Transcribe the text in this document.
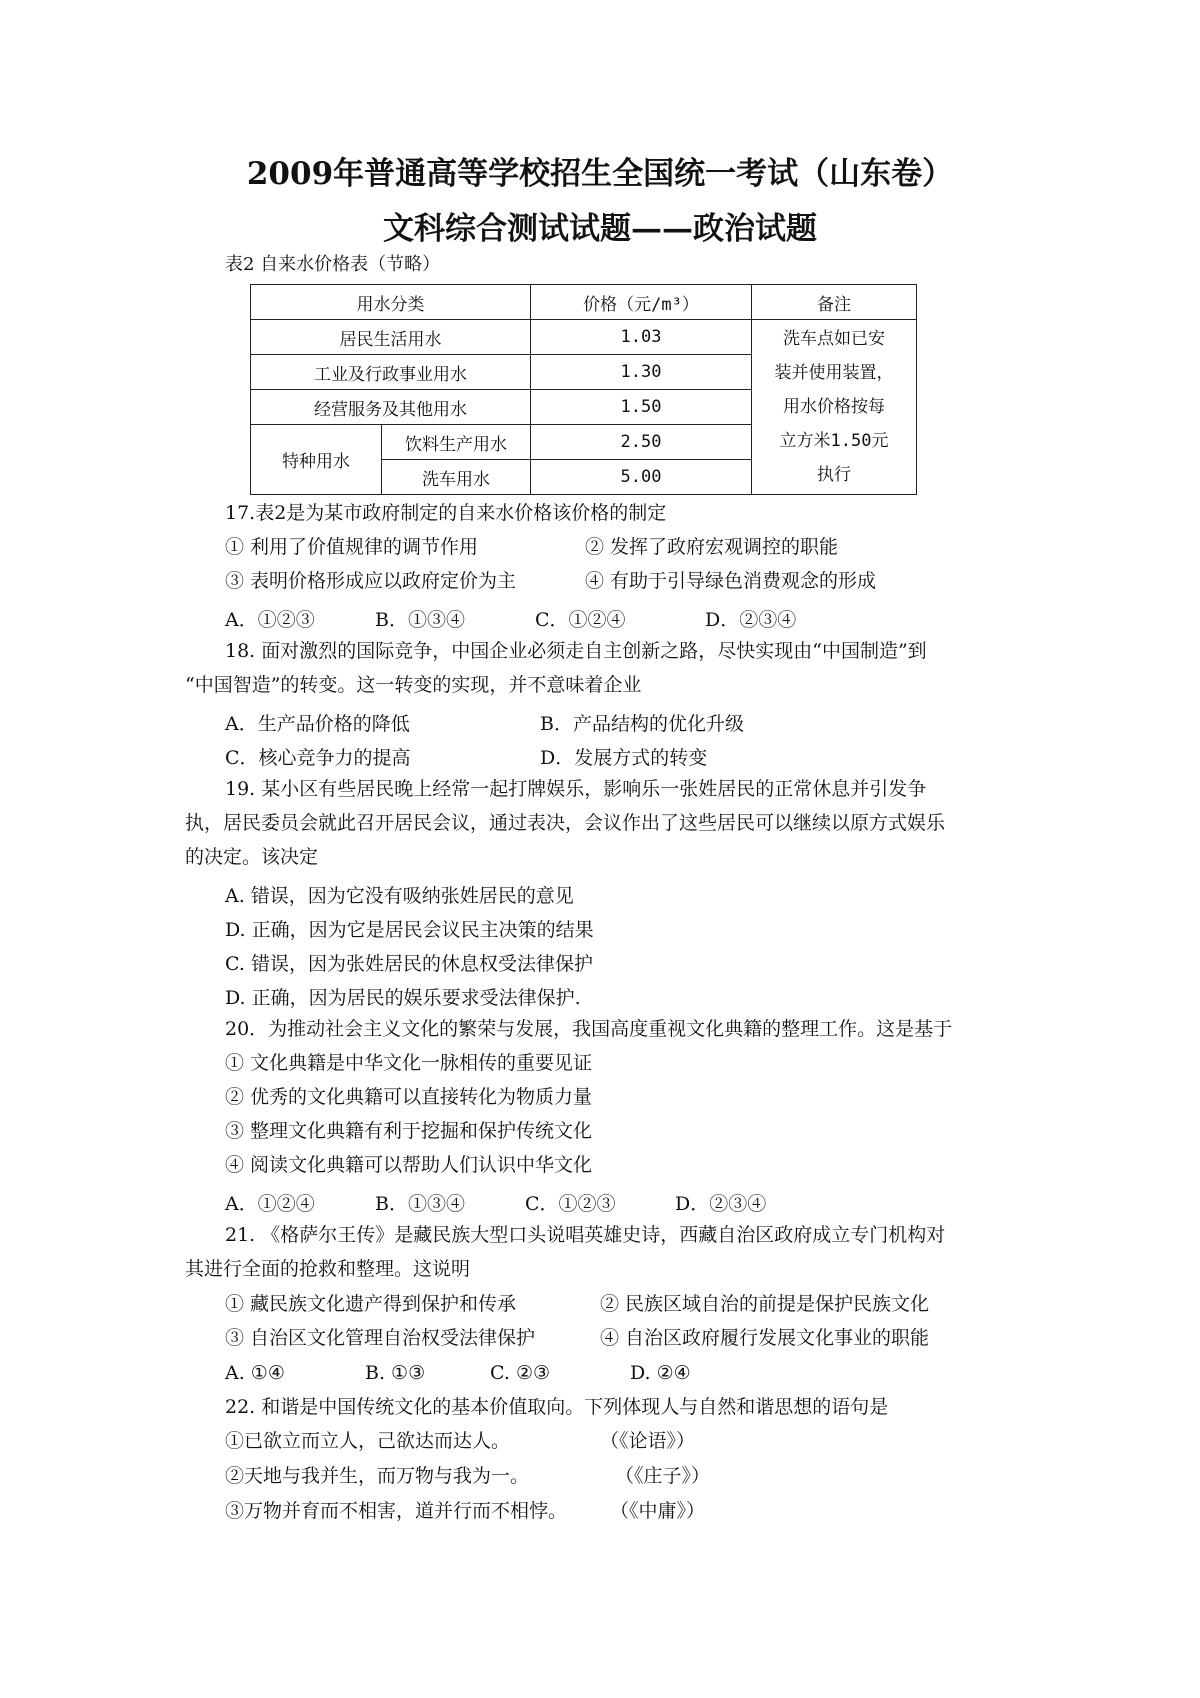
2009年普通高等学校招生全国统一考试（山东卷）
文科综合测试试题——政治试题
表2 自来水价格表（节略）
用水分类		价格（元/m³）	备注
居民生活用水		1.03	洗车点如已安
装并使用装置，
用水价格按每
立方米1.50元
执行

工业及行政事业用水		1.30	
经营服务及其他用水		1.50	
特种用水	饮料生产用水	2.50	
	洗车用水	5.00	
17.表2是为某市政府制定的自来水价格该价格的制定
① 利用了价值规律的调节作用	② 发挥了政府宏观调控的职能
③ 表明价格形成应以政府定价为主	④ 有助于引导绿色消费观念的形成
A．①②③	B．①③④	C．①②④	D．②③④
18. 面对激烈的国际竞争，中国企业必须走自主创新之路，尽快实现由“中国制造”到
“中国智造”的转变。这一转变的实现，并不意味着企业
A．生产品价格的降低	B．产品结构的优化升级
C．核心竞争力的提高	D．发展方式的转变
19. 某小区有些居民晚上经常一起打牌娱乐，影响乐一张姓居民的正常休息并引发争
执，居民委员会就此召开居民会议，通过表决，会议作出了这些居民可以继续以原方式娱乐
的决定。该决定
A. 错误，因为它没有吸纳张姓居民的意见
D. 正确，因为它是居民会议民主决策的结果
C. 错误，因为张姓居民的休息权受法律保护
D. 正确，因为居民的娱乐要求受法律保护.
20．为推动社会主义文化的繁荣与发展，我国高度重视文化典籍的整理工作。这是基于
① 文化典籍是中华文化一脉相传的重要见证
② 优秀的文化典籍可以直接转化为物质力量
③ 整理文化典籍有利于挖掘和保护传统文化
④ 阅读文化典籍可以帮助人们认识中华文化
A．①②④	B．①③④	C．①②③	D．②③④
21. 《格萨尔王传》是藏民族大型口头说唱英雄史诗，西藏自治区政府成立专门机构对
其进行全面的抢救和整理。这说明
① 藏民族文化遗产得到保护和传承	② 民族区域自治的前提是保护民族文化
③ 自治区文化管理自治权受法律保护	④ 自治区政府履行发展文化事业的职能
A. ①④	B. ①③	C. ②③	D. ②④
22. 和谐是中国传统文化的基本价值取向。下列体现人与自然和谐思想的语句是
①已欲立而立人，己欲达而达人。	（《论语》）
②天地与我并生，而万物与我为一。	（《庄子》）
③万物并育而不相害，道并行而不相悖。 （《中庸》）
